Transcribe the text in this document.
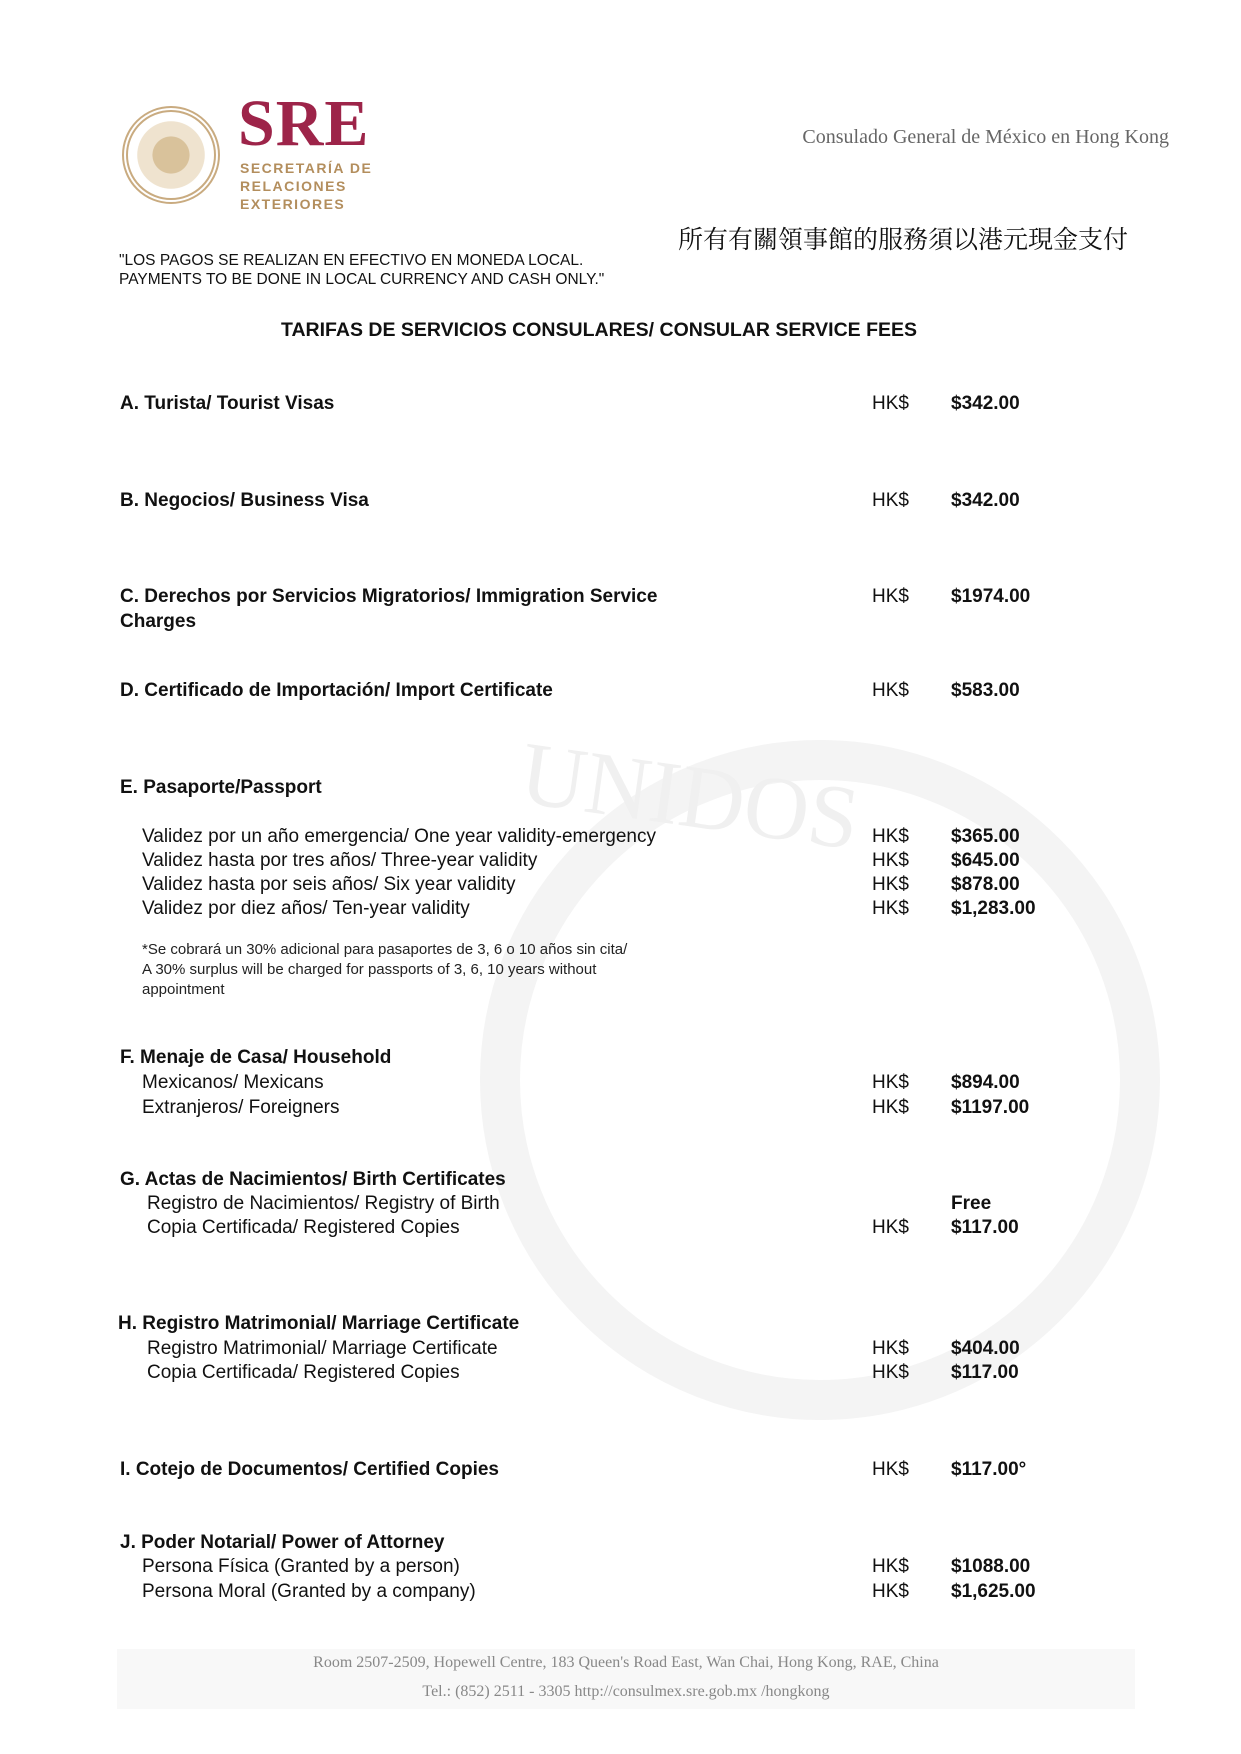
UNIDOS
SRE
SECRETARÍA DE
RELACIONES
EXTERIORES
Consulado General de México en Hong Kong
所有有關領事館的服務須以港元現金支付
"LOS PAGOS SE REALIZAN EN EFECTIVO EN MONEDA LOCAL.
PAYMENTS TO BE DONE IN LOCAL CURRENCY AND CASH ONLY."
TARIFAS DE SERVICIOS CONSULARES/ CONSULAR SERVICE FEES
A. Turista/ Tourist Visas	HK$ $342.00
B. Negocios/ Business Visa	HK$ $342.00
C. Derechos por Servicios Migratorios/ Immigration Service
Charges
HK$ $1974.00
D. Certificado de Importación/ Import Certificate	HK$ $583.00
E. Pasaporte/Passport
Validez por un año emergencia/ One year validity-emergency	HK$ $365.00
Validez hasta por tres años/ Three-year validity	HK$ $645.00
Validez hasta por seis años/ Six year validity	HK$ $878.00
Validez por diez años/ Ten-year validity	HK$ $1,283.00
*Se cobrará un 30% adicional para pasaportes de 3, 6 o 10 años sin cita/
A 30% surplus will be charged for passports of 3, 6, 10 years without
appointment
F. Menaje de Casa/ Household
Mexicanos/ Mexicans	HK$ $894.00
Extranjeros/ Foreigners	HK$ $1197.00
G. Actas de Nacimientos/ Birth Certificates
Registro de Nacimientos/ Registry of Birth	Free
Copia Certificada/ Registered Copies	HK$ $117.00
H. Registro Matrimonial/ Marriage Certificate
Registro Matrimonial/ Marriage Certificate	HK$ $404.00
Copia Certificada/ Registered Copies	HK$ $117.00
I. Cotejo de Documentos/ Certified Copies	HK$ $117.00°
J. Poder Notarial/ Power of Attorney
Persona Física (Granted by a person)	HK$ $1088.00
Persona Moral (Granted by a company)	HK$ $1,625.00
Room 2507-2509, Hopewell Centre, 183 Queen's Road East, Wan Chai, Hong Kong, RAE, China
Tel.: (852) 2511 - 3305 http://consulmex.sre.gob.mx /hongkong
